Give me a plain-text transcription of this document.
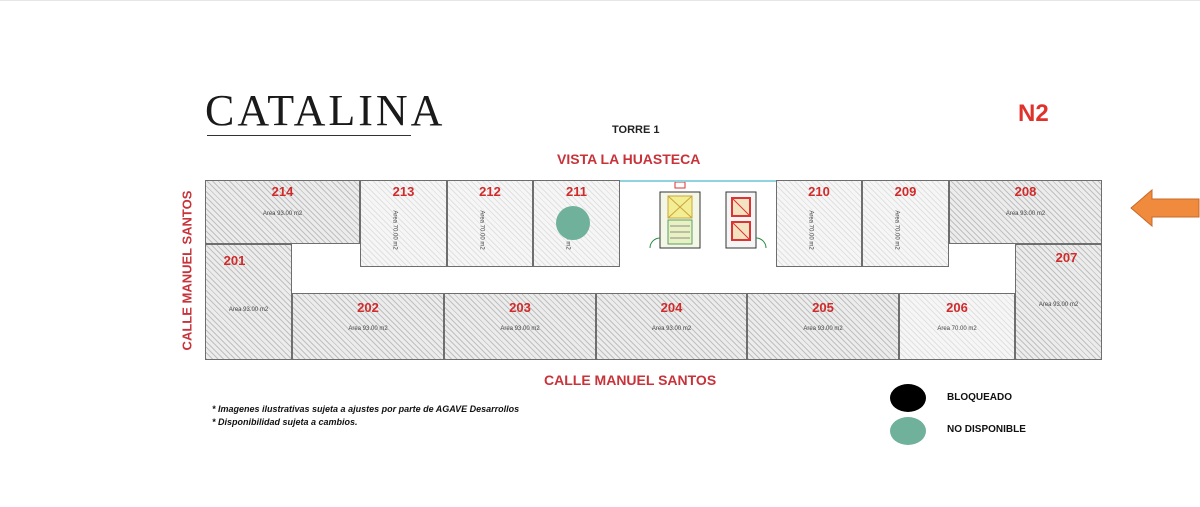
CATALINA	N2
TORRE 1
VISTA LA HUASTECA
CALLE MANUEL SANTOS
CALLE MANUEL SANTOS
214
Area 93.00 m2
213
Area 70.00 m2
212
Area 70.00 m2
211	210
Area 70.00 m2
209
Area 70.00 m2
208
Area 93.00 m2
201
Area 93.00 m2
207
Area 93.00 m2
202
Area 93.00 m2
203
Area 93.00 m2
204
Area 93.00 m2
205
Area 93.00 m2
206
Area 70.00 m2
* Imagenes ilustrativas sujeta a ajustes por parte de AGAVE Desarrollos
* Disponibilidad sujeta a cambios.
BLOQUEADO
NO DISPONIBLE
